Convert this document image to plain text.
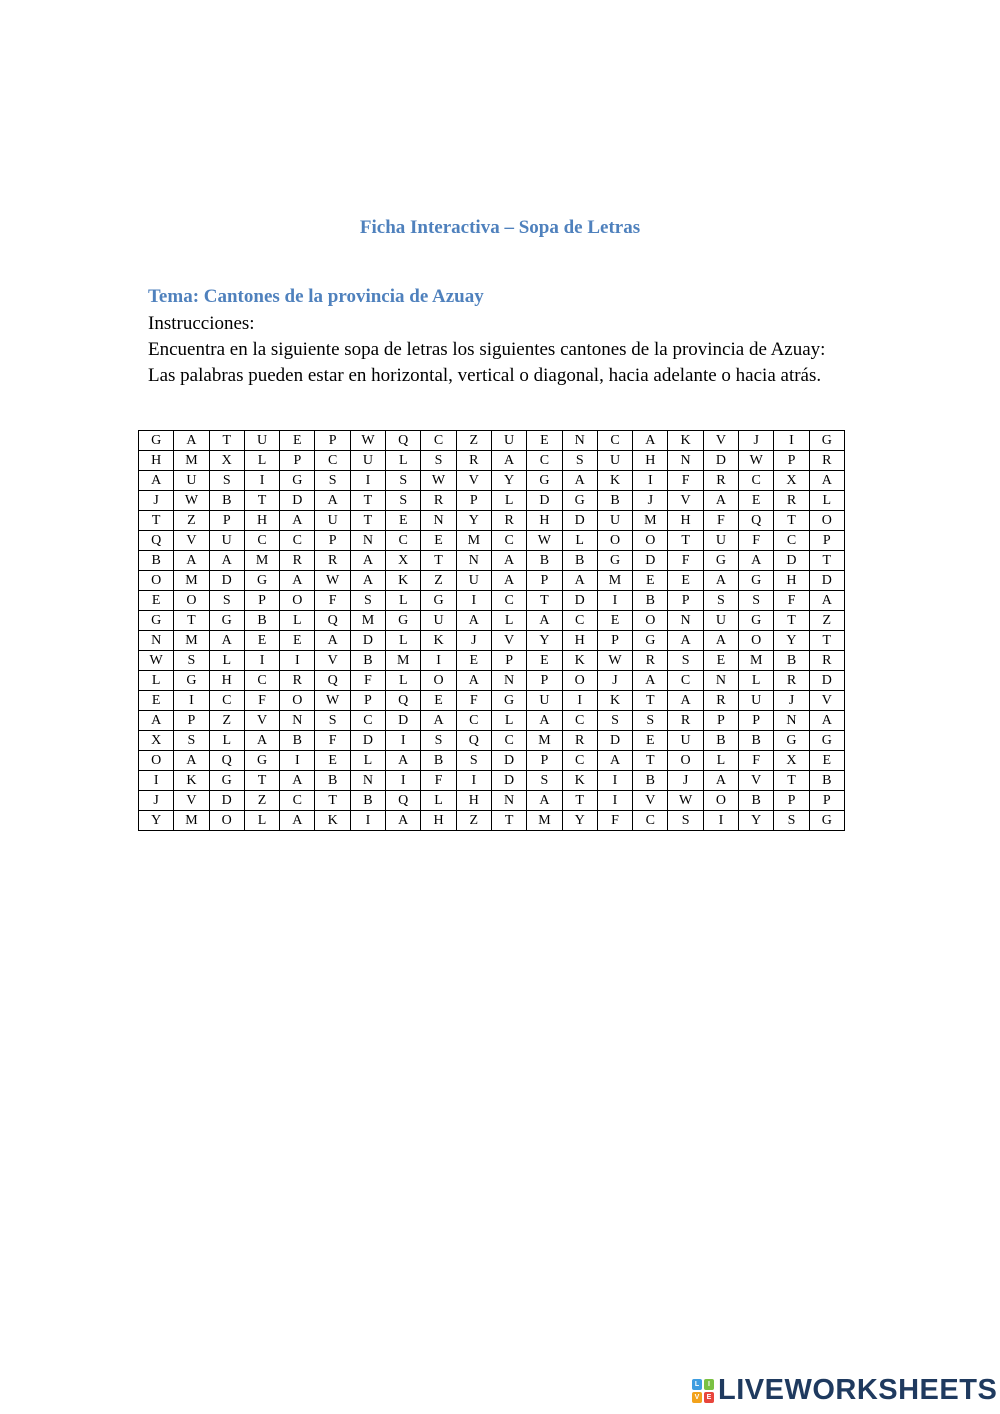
Ficha Interactiva – Sopa de Letras
Tema: Cantones de la provincia de Azuay
Instrucciones:
Encuentra en la siguiente sopa de letras los siguientes cantones de la provincia de Azuay:
Las palabras pueden estar en horizontal, vertical o diagonal, hacia adelante o hacia atrás.
G	A	T	U	E	P	W	Q	C	Z	U	E	N	C	A	K	V	J	I	G
H	M	X	L	P	C	U	L	S	R	A	C	S	U	H	N	D	W	P	R
A	U	S	I	G	S	I	S	W	V	Y	G	A	K	I	F	R	C	X	A
J	W	B	T	D	A	T	S	R	P	L	D	G	B	J	V	A	E	R	L
T	Z	P	H	A	U	T	E	N	Y	R	H	D	U	M	H	F	Q	T	O
Q	V	U	C	C	P	N	C	E	M	C	W	L	O	O	T	U	F	C	P
B	A	A	M	R	R	A	X	T	N	A	B	B	G	D	F	G	A	D	T
O	M	D	G	A	W	A	K	Z	U	A	P	A	M	E	E	A	G	H	D
E	O	S	P	O	F	S	L	G	I	C	T	D	I	B	P	S	S	F	A
G	T	G	B	L	Q	M	G	U	A	L	A	C	E	O	N	U	G	T	Z
N	M	A	E	E	A	D	L	K	J	V	Y	H	P	G	A	A	O	Y	T
W	S	L	I	I	V	B	M	I	E	P	E	K	W	R	S	E	M	B	R
L	G	H	C	R	Q	F	L	O	A	N	P	O	J	A	C	N	L	R	D
E	I	C	F	O	W	P	Q	E	F	G	U	I	K	T	A	R	U	J	V
A	P	Z	V	N	S	C	D	A	C	L	A	C	S	S	R	P	P	N	A
X	S	L	A	B	F	D	I	S	Q	C	M	R	D	E	U	B	B	G	G
O	A	Q	G	I	E	L	A	B	S	D	P	C	A	T	O	L	F	X	E
I	K	G	T	A	B	N	I	F	I	D	S	K	I	B	J	A	V	T	B
J	V	D	Z	C	T	B	Q	L	H	N	A	T	I	V	W	O	B	P	P
Y	M	O	L	A	K	I	A	H	Z	T	M	Y	F	C	S	I	Y	S	G
L	I
V	E LIVEWORKSHEETS
